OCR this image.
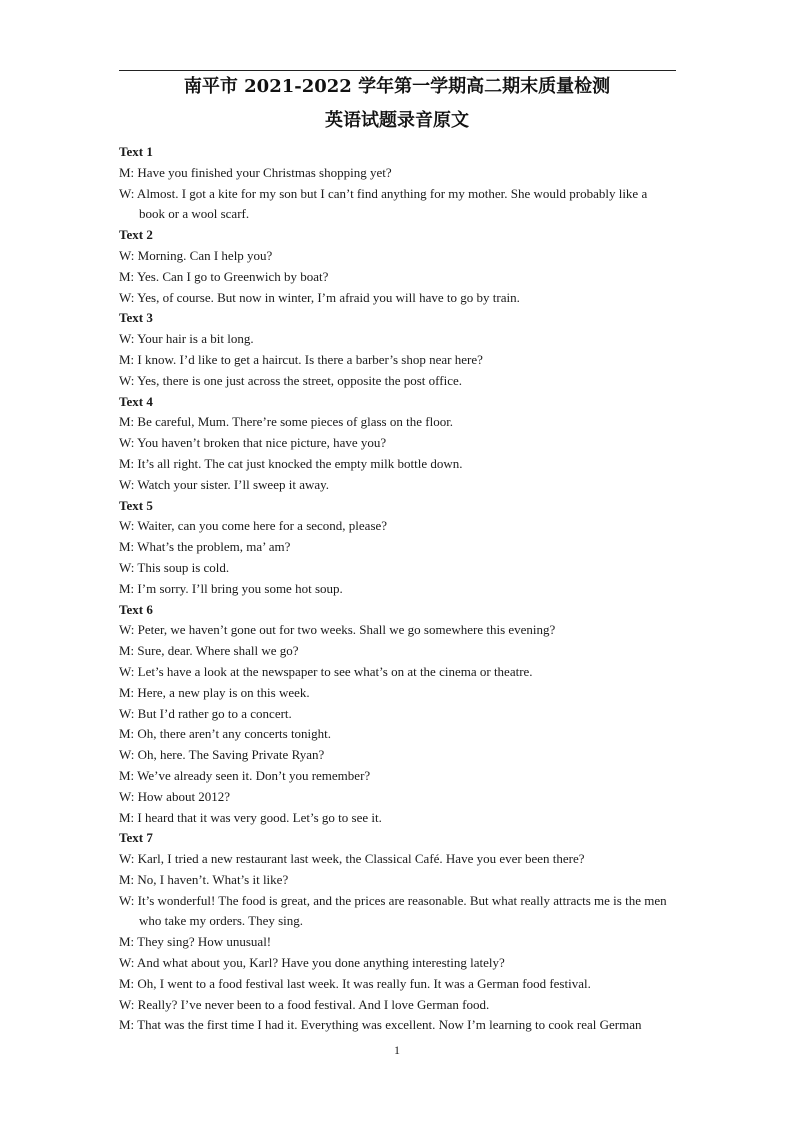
南平市 2021-2022 学年第一学期高二期末质量检测
英语试题录音原文
Text 1
M: Have you finished your Christmas shopping yet?
W: Almost. I got a kite for my son but I can’t find anything for my mother. She would probably like a book or a wool scarf.
Text 2
W: Morning. Can I help you?
M: Yes. Can I go to Greenwich by boat?
W: Yes, of course. But now in winter, I’m afraid you will have to go by train.
Text 3
W: Your hair is a bit long.
M: I know. I’d like to get a haircut. Is there a barber’s shop near here?
W: Yes, there is one just across the street, opposite the post office.
Text 4
M: Be careful, Mum. There’re some pieces of glass on the floor.
W: You haven’t broken that nice picture, have you?
M: It’s all right. The cat just knocked the empty milk bottle down.
W: Watch your sister. I’ll sweep it away.
Text 5
W: Waiter, can you come here for a second, please?
M: What’s the problem, ma’ am?
W: This soup is cold.
M: I’m sorry. I’ll bring you some hot soup.
Text 6
W: Peter, we haven’t gone out for two weeks. Shall we go somewhere this evening?
M: Sure, dear. Where shall we go?
W: Let’s have a look at the newspaper to see what’s on at the cinema or theatre.
M: Here, a new play is on this week.
W: But I’d rather go to a concert.
M: Oh, there aren’t any concerts tonight.
W: Oh, here. The Saving Private Ryan?
M: We’ve already seen it. Don’t you remember?
W: How about 2012?
M: I heard that it was very good. Let’s go to see it.
Text 7
W: Karl, I tried a new restaurant last week, the Classical Café. Have you ever been there?
M: No, I haven’t. What’s it like?
W: It’s wonderful! The food is great, and the prices are reasonable. But what really attracts me is the men who take my orders. They sing.
M: They sing? How unusual!
W: And what about you, Karl? Have you done anything interesting lately?
M: Oh, I went to a food festival last week. It was really fun. It was a German food festival.
W: Really? I’ve never been to a food festival. And I love German food.
M: That was the first time I had it. Everything was excellent. Now I’m learning to cook real German
1
